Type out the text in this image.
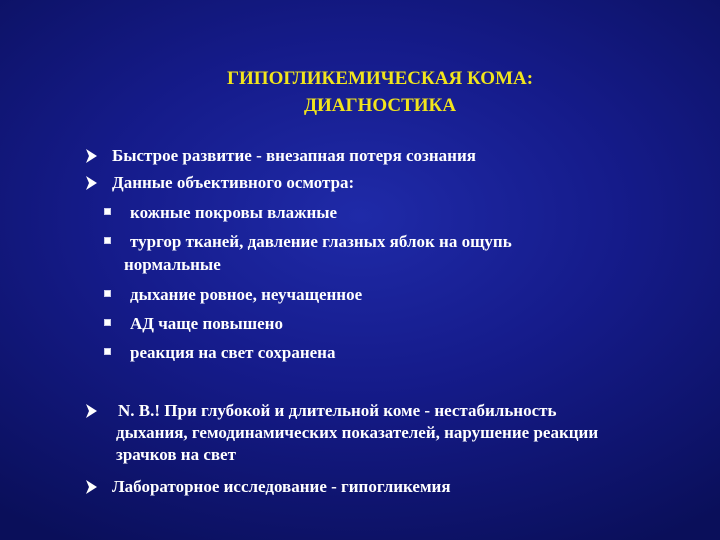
ГИПОГЛИКЕМИЧЕСКАЯ КОМА:
ДИАГНОСТИКА
Быстрое развитие - внезапная потеря сознания
Данные объективного осмотра:
кожные покровы влажные
тургор тканей, давление глазных яблок на ощупь
нормальные
дыхание ровное, неучащенное
АД чаще повышено
реакция на свет сохранена
N. B.! При глубокой и длительной коме - нестабильность
дыхания, гемодинамических показателей, нарушение реакции
зрачков на свет
Лабораторное исследование - гипогликемия
